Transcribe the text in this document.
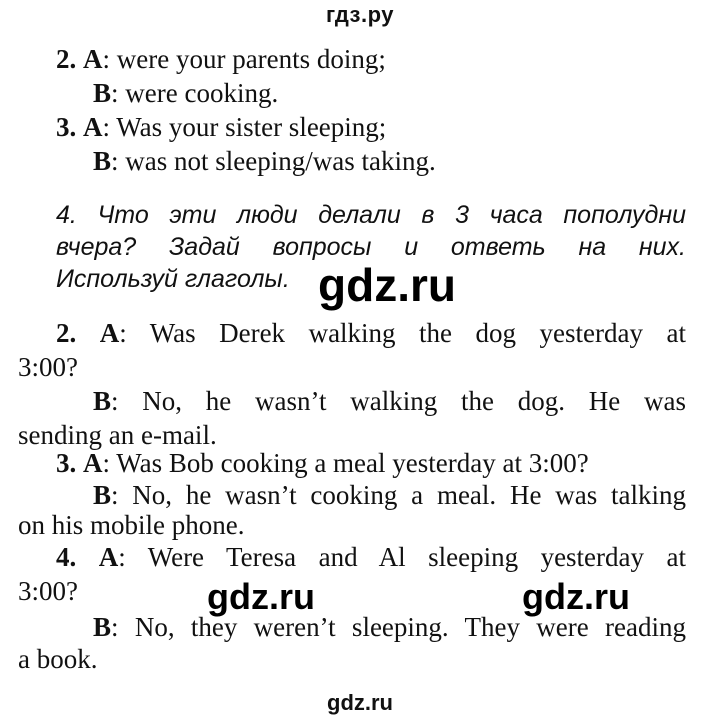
гдз.ру
2. A: were your parents doing;
B: were cooking.
3. A: Was your sister sleeping;
B: was not sleeping/was taking.
4. Что эти люди делали в 3 часа пополудни
вчера? Задай вопросы и ответь на них.
Используй глаголы. gdz.ru
2. A: Was Derek walking the dog yesterday at
3:00?
B: No, he wasn’t walking the dog. He was
sending an e-mail.
3. A: Was Bob cooking a meal yesterday at 3:00?
B: No, he wasn’t cooking a meal. He was talking
on his mobile phone.
4. A: Were Teresa and Al sleeping yesterday at
3:00?	gdz.ru	gdz.ru
B: No, they weren’t sleeping. They were reading
a book.
gdz.ru
